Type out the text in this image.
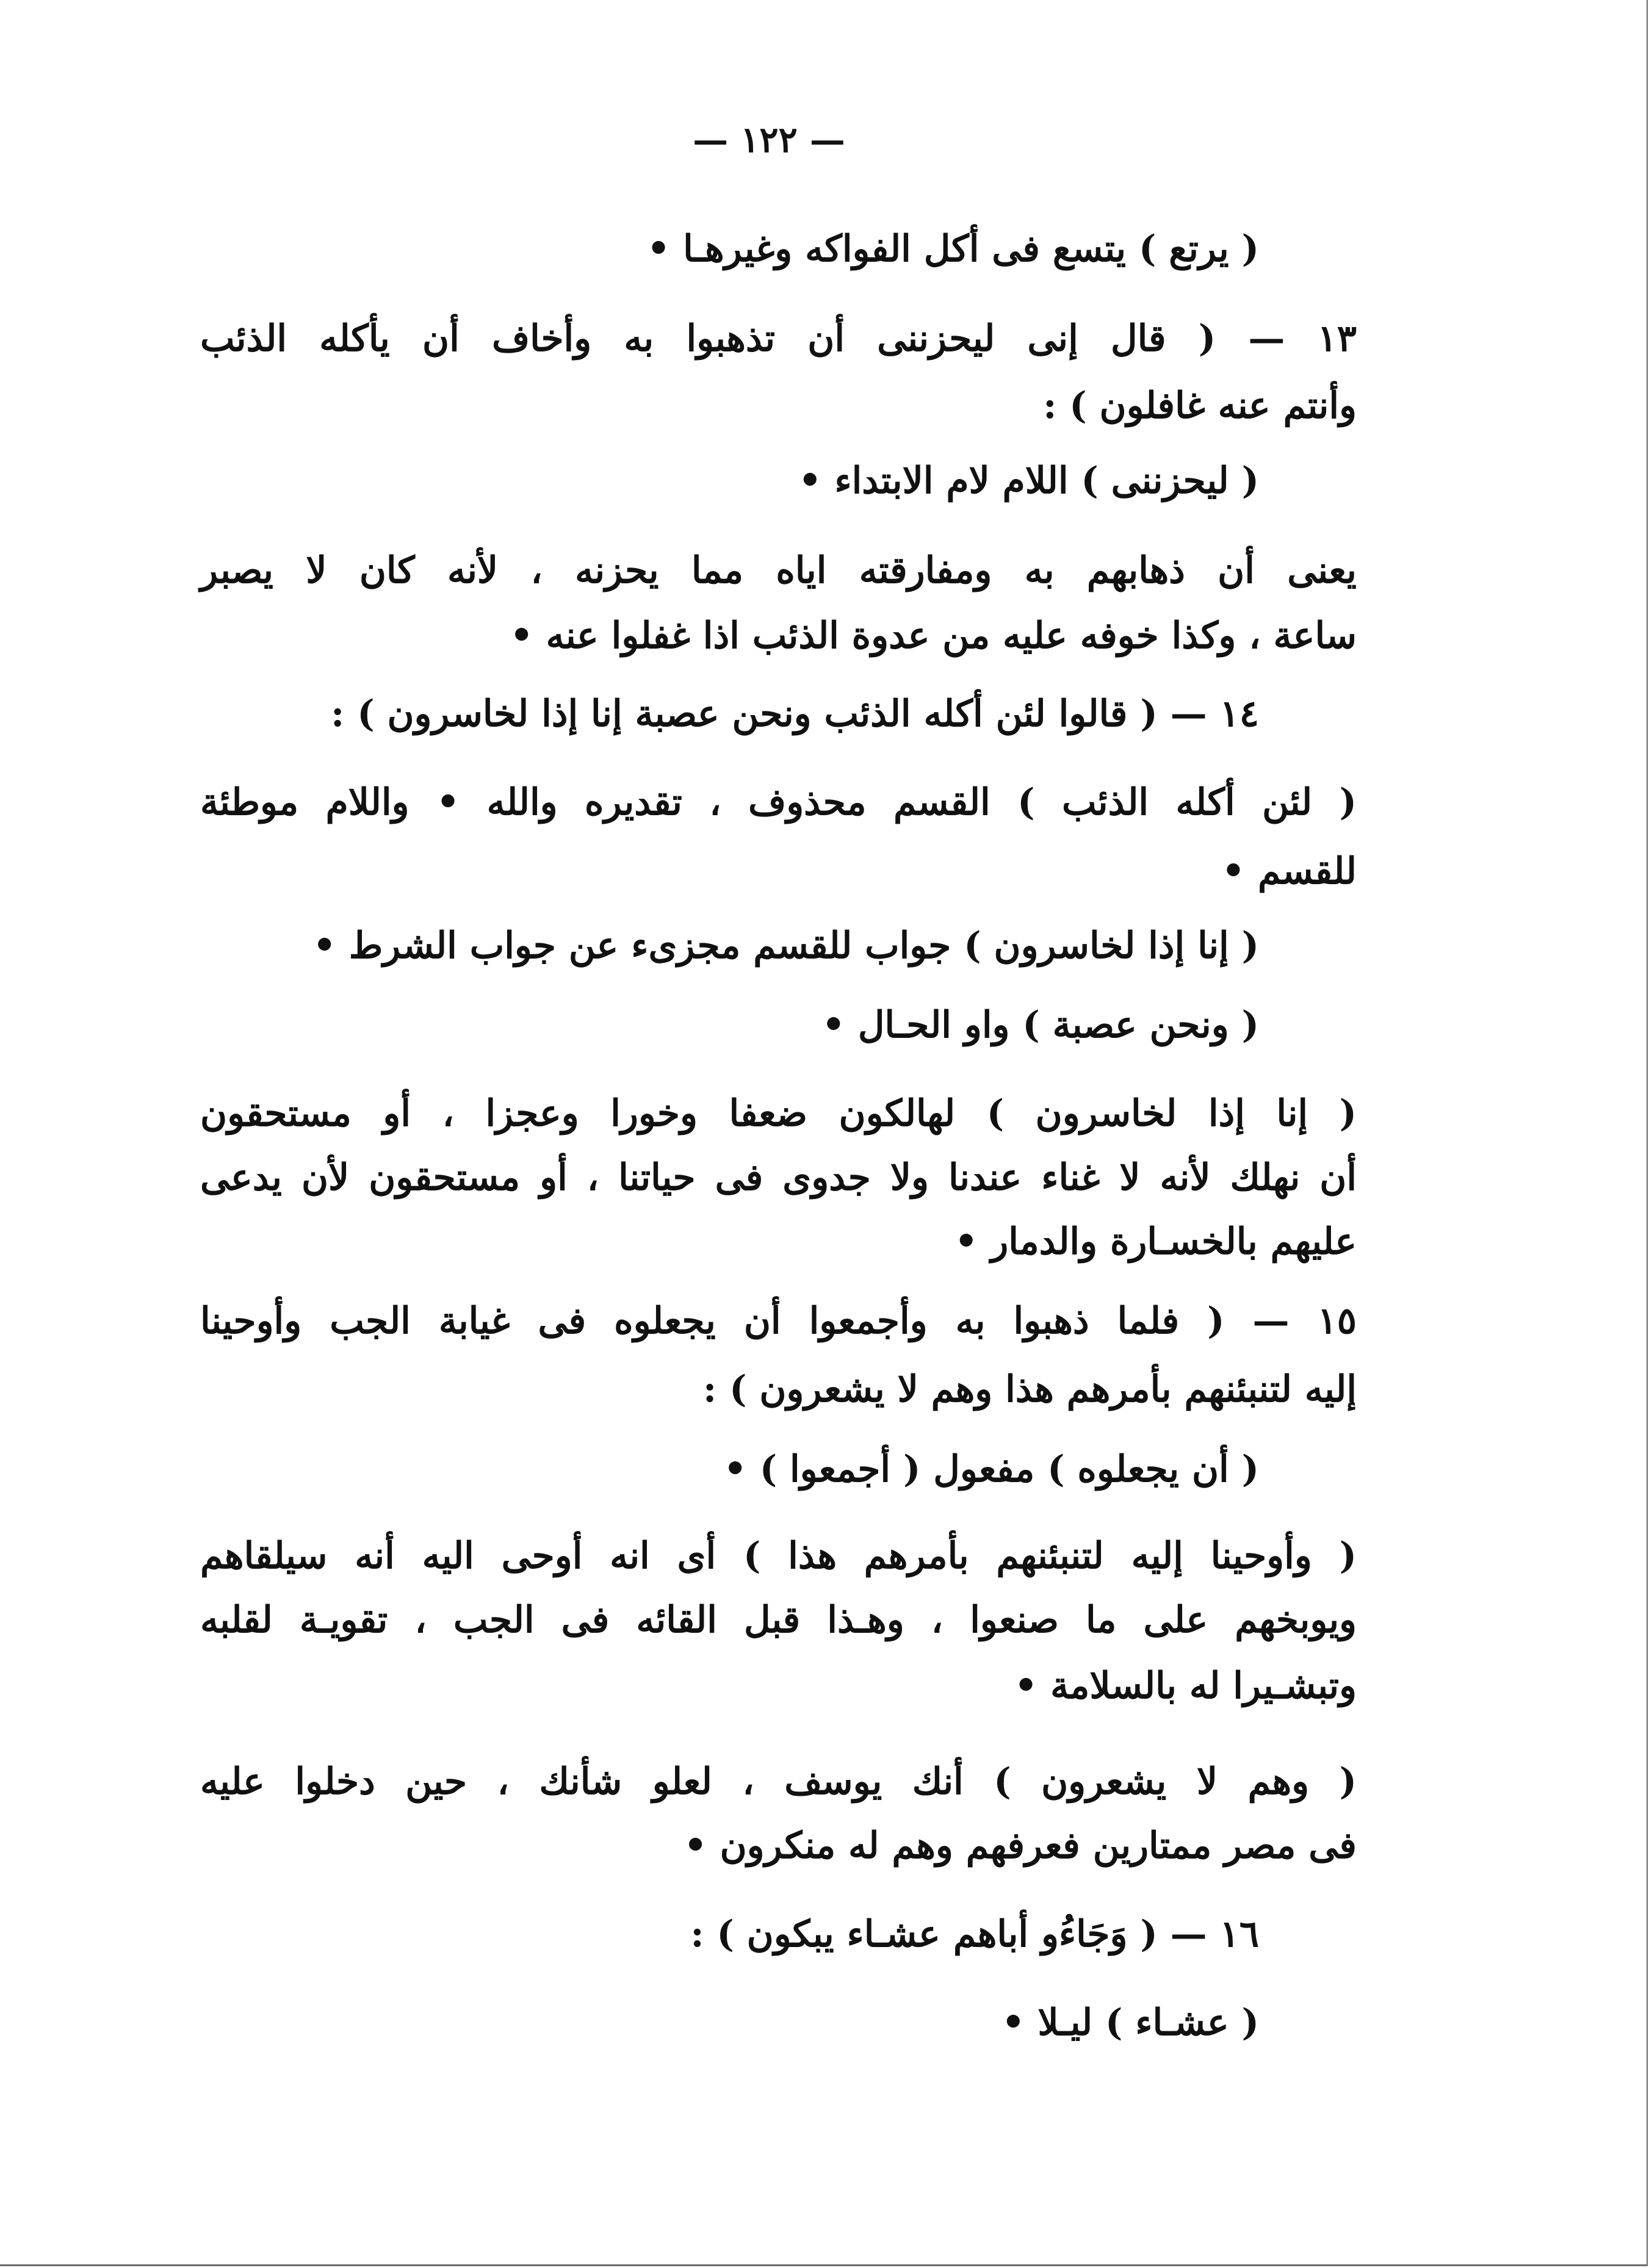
— ١٢٢ —
( يرتع ) يتسع فى أكل الفواكه وغيرهـا •
١٣ — ( قال إنى ليحزننى أن تذهبوا به وأخاف أن يأكله الذئب
وأنتم عنه غافلون ) :
( ليحزننى ) اللام لام الابتداء •
يعنى أن ذهابهم به ومفارقته اياه مما يحزنه ، لأنه كان لا يصبر
ساعة ، وكذا خوفه عليه من عدوة الذئب اذا غفلوا عنه •
١٤ — ( قالوا لئن أكله الذئب ونحن عصبة إنا إذا لخاسرون ) :
( لئن أكله الذئب ) القسم محذوف ، تقديره والله • واللام موطئة
للقسم •
( إنا إذا لخاسرون ) جواب للقسم مجزىء عن جواب الشرط •
( ونحن عصبة ) واو الحـال •
( إنا إذا لخاسرون ) لهالكون ضعفا وخورا وعجزا ، أو مستحقون
أن نهلك لأنه لا غناء عندنا ولا جدوى فى حياتنا ، أو مستحقون لأن يدعى
عليهم بالخسـارة والدمار •
١٥ — ( فلما ذهبوا به وأجمعوا أن يجعلوه فى غيابة الجب وأوحينا
إليه لتنبئنهم بأمرهم هذا وهم لا يشعرون ) :
( أن يجعلوه ) مفعول ( أجمعوا ) •
( وأوحينا إليه لتنبئنهم بأمرهم هذا ) أى انه أوحى اليه أنه سيلقاهم
ويوبخهم على ما صنعوا ، وهـذا قبل القائه فى الجب ، تقويـة لقلبه
وتبشـيرا له بالسلامة •
( وهم لا يشعرون ) أنك يوسف ، لعلو شأنك ، حين دخلوا عليه
فى مصر ممتارين فعرفهم وهم له منكرون •
١٦ — ( وَجَاءُو أباهم عشـاء يبكون ) :
( عشـاء ) ليـلا •
